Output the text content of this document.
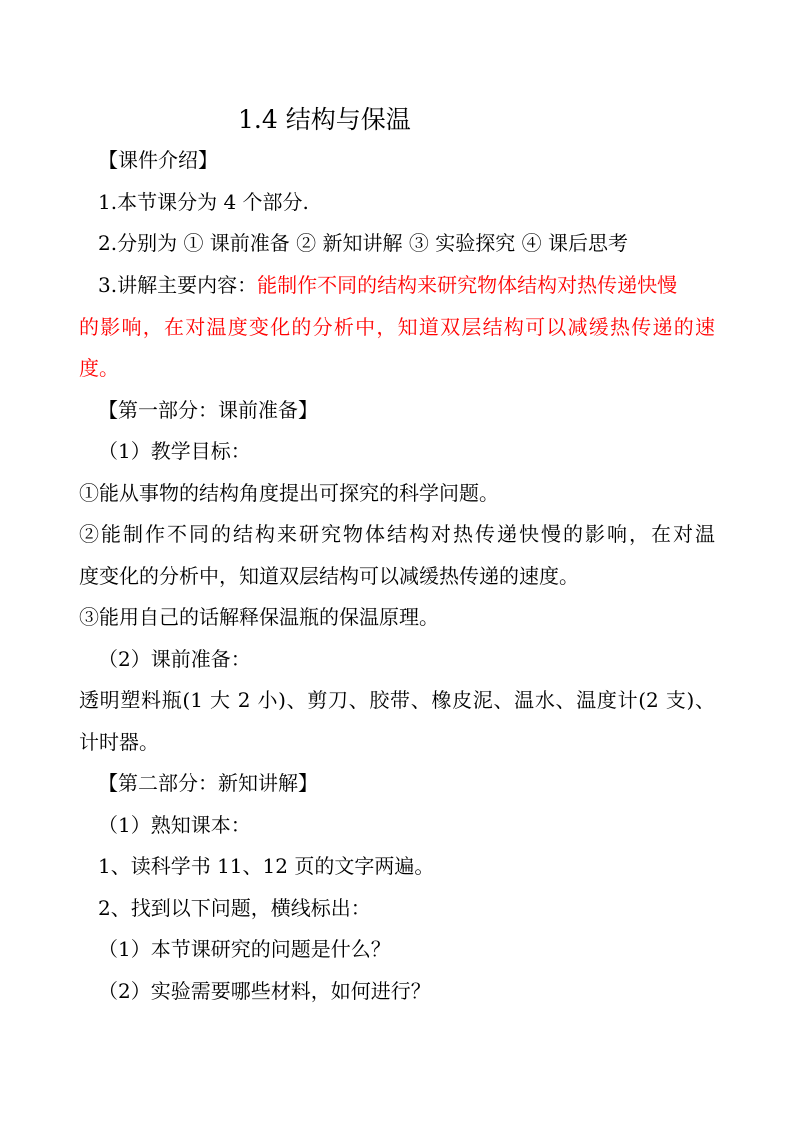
1.4 结构与保温
【课件介绍】
1.本节课分为 4 个部分.
2.分别为 ① 课前准备 ② 新知讲解 ③ 实验探究 ④ 课后思考
3.讲解主要内容：能制作不同的结构来研究物体结构对热传递快慢
的影响，在对温度变化的分析中，知道双层结构可以减缓热传递的速
度。
【第一部分：课前准备】
（1）教学目标：
①能从事物的结构角度提出可探究的科学问题。
②能制作不同的结构来研究物体结构对热传递快慢的影响，在对温
度变化的分析中，知道双层结构可以减缓热传递的速度。
③能用自己的话解释保温瓶的保温原理。
（2）课前准备：
透明塑料瓶(1 大 2 小)、剪刀、胶带、橡皮泥、温水、温度计(2 支)、
计时器。
【第二部分：新知讲解】
（1）熟知课本：
1、读科学书 11、12 页的文字两遍。
2、找到以下问题，横线标出：
（1）本节课研究的问题是什么？
（2）实验需要哪些材料，如何进行？
